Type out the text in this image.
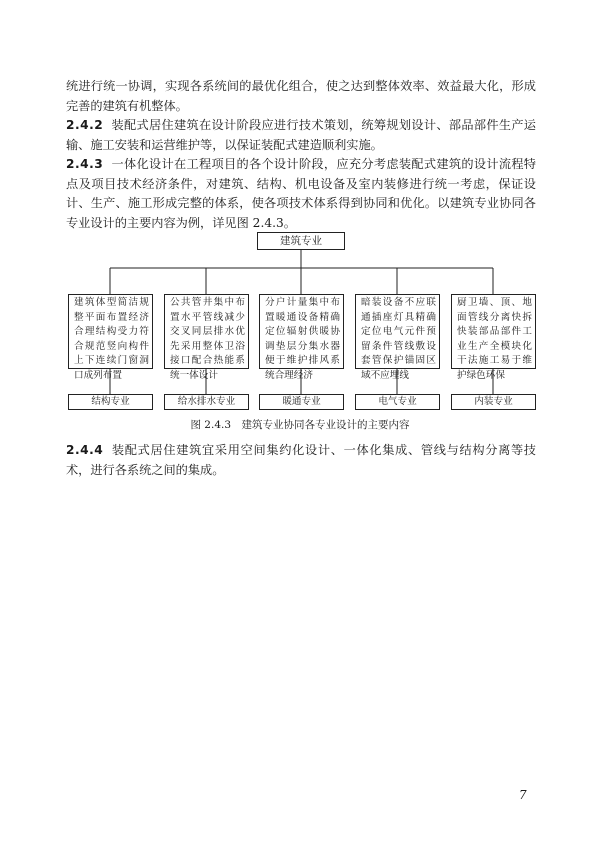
统进行统一协调，实现各系统间的最优化组合，使之达到整体效率、效益最大化，形成完善的建筑有机整体。

2.4.2 装配式居住建筑在设计阶段应进行技术策划，统筹规划设计、部品部件生产运输、施工安装和运营维护等，以保证装配式建造顺利实施。

2.4.3 一体化设计在工程项目的各个设计阶段，应充分考虑装配式建筑的设计流程特点及项目技术经济条件，对建筑、结构、机电设备及室内装修进行统一考虑，保证设计、生产、施工形成完整的体系，使各项技术体系得到协同和优化。以建筑专业协同各专业设计的主要内容为例，详见图 2.4.3。

建筑专业
建筑体型简洁规整平面布置经济合理结构受力符合规范竖向构件上下连续门窗洞口成列布置
公共管井集中布置水平管线减少交叉同层排水优先采用整体卫浴接口配合热能系统一体设计
分户计量集中布置暖通设备精确定位辐射供暖协调垫层分集水器便于维护排风系统合理经济
暗装设备不应联通插座灯具精确定位电气元件预留条件管线敷设套管保护锚固区域不应埋线
厨卫墙、顶、地面管线分离快拆快装部品部件工业生产全模块化干法施工易于维护绿色环保
结构专业	给水排水专业	暖通专业	电气专业	内装专业
图 2.4.3　建筑专业协同各专业设计的主要内容

2.4.4 装配式居住建筑宜采用空间集约化设计、一体化集成、管线与结构分离等技术，进行各系统之间的集成。

7
